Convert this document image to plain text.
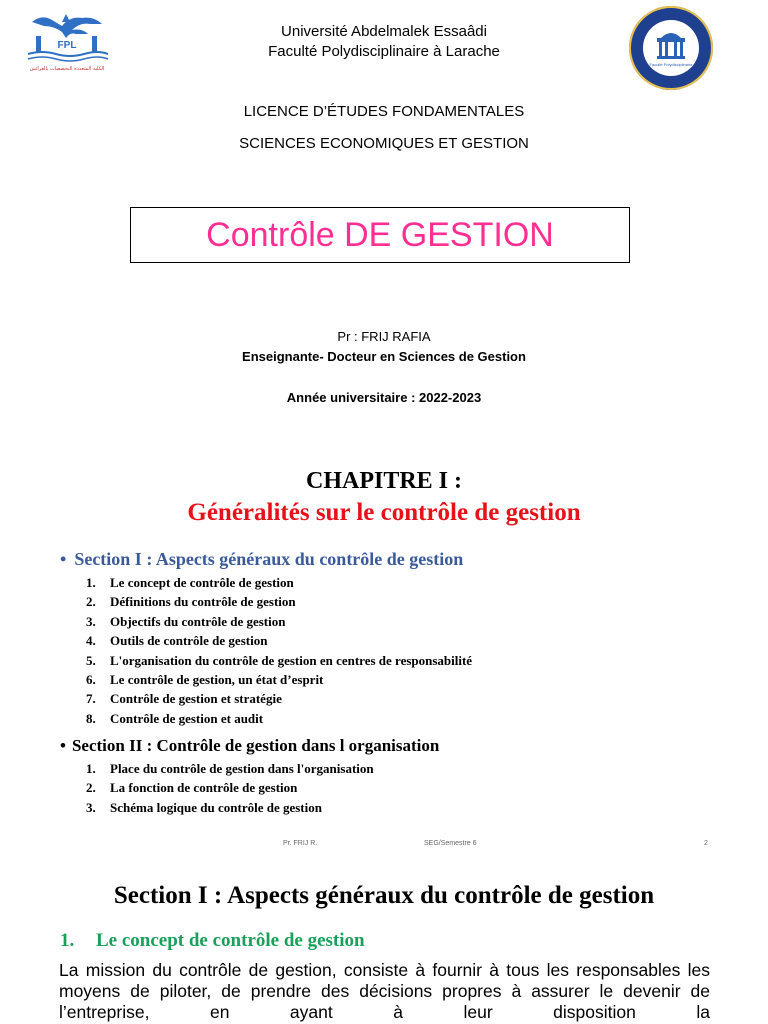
FPL
الكلية المتعددة التخصصات بالعرائش
Faculté Polydisciplinaire
Université Abdelmalek Essaâdi
Faculté Polydisciplinaire à Larache
LICENCE D’ÉTUDES FONDAMENTALES
SCIENCES ECONOMIQUES ET GESTION
Contrôle DE GESTION
Pr : FRIJ RAFIA
Enseignante- Docteur en Sciences de Gestion
Année universitaire : 2022-2023
CHAPITRE I :
Généralités sur le contrôle de gestion
• Section I : Aspects généraux du contrôle de gestion
1. Le concept de contrôle de gestion
2. Définitions du contrôle de gestion
3. Objectifs du contrôle de gestion
4. Outils de contrôle de gestion
5. L'organisation du contrôle de gestion en centres de responsabilité
6. Le contrôle de gestion, un état d’esprit
7. Contrôle de gestion et stratégie
8. Contrôle de gestion et audit
• Section II : Contrôle de gestion dans l organisation
1. Place du contrôle de gestion dans l'organisation
2. La fonction de contrôle de gestion
3. Schéma logique du contrôle de gestion
Pr. FRIJ R.	SEG/Semestre 6	2
Section I : Aspects généraux du contrôle de gestion
1. Le concept de contrôle de gestion
La mission du contrôle de gestion, consiste à fournir à tous les responsables les moyens de piloter, de prendre des décisions propres à assurer le devenir de l’entreprise, en ayant à leur disposition la
